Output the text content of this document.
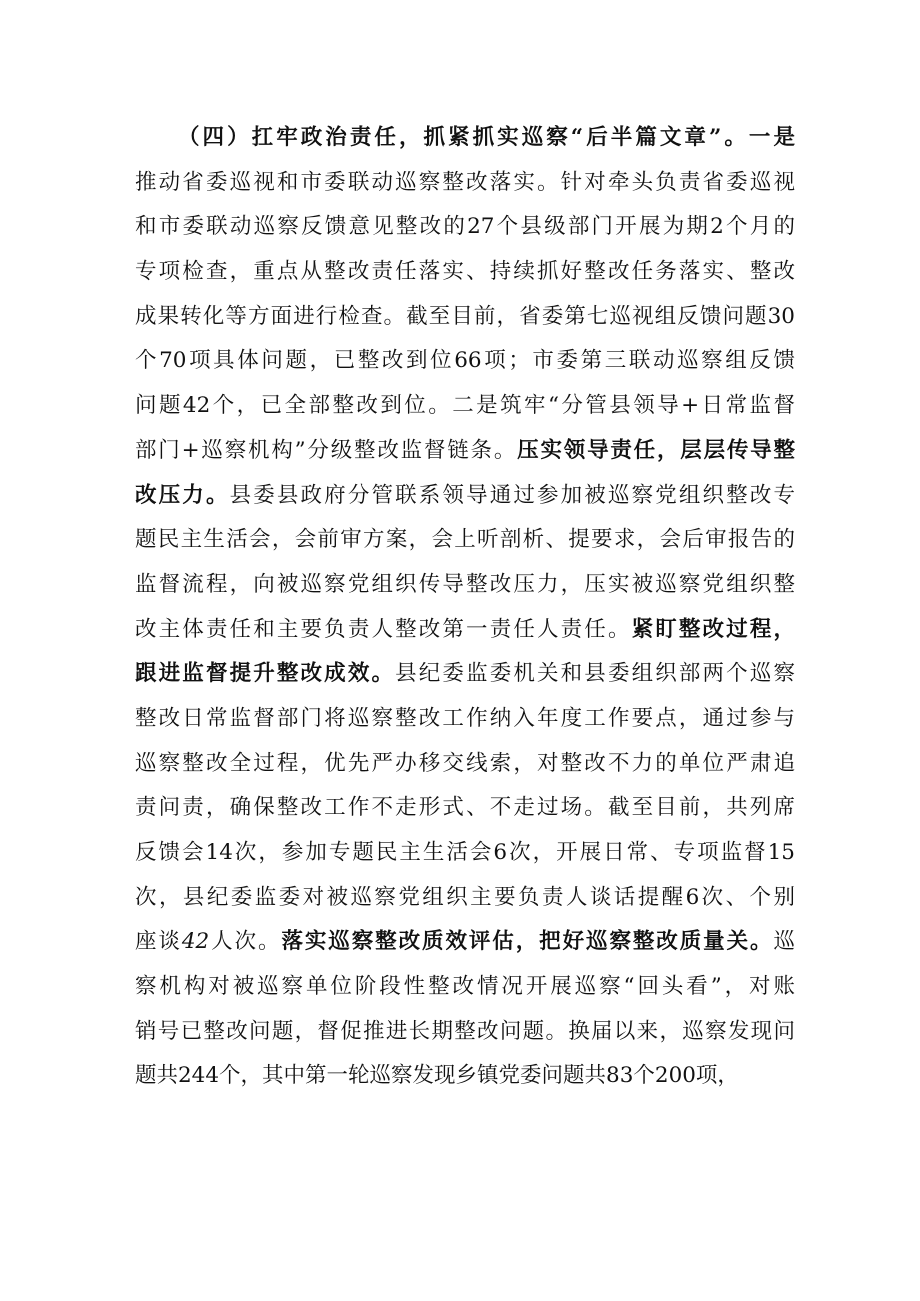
（四）扛牢政治责任，抓紧抓实巡察“后半篇文章”。一是
推动省委巡视和市委联动巡察整改落实。针对牵头负责省委巡视
和市委联动巡察反馈意见整改的27个县级部门开展为期2个月的
专项检查，重点从整改责任落实、持续抓好整改任务落实、整改
成果转化等方面进行检查。截至目前，省委第七巡视组反馈问题30
个70项具体问题，已整改到位66项；市委第三联动巡察组反馈
问题42个，已全部整改到位。二是筑牢“分管县领导+日常监督
部门+巡察机构”分级整改监督链条。压实领导责任，层层传导整
改压力。县委县政府分管联系领导通过参加被巡察党组织整改专
题民主生活会，会前审方案，会上听剖析、提要求，会后审报告的
监督流程，向被巡察党组织传导整改压力，压实被巡察党组织整
改主体责任和主要负责人整改第一责任人责任。紧盯整改过程，
跟进监督提升整改成效。县纪委监委机关和县委组织部两个巡察
整改日常监督部门将巡察整改工作纳入年度工作要点，通过参与
巡察整改全过程，优先严办移交线索，对整改不力的单位严肃追
责问责，确保整改工作不走形式、不走过场。截至目前，共列席
反馈会14次，参加专题民主生活会6次，开展日常、专项监督15
次，县纪委监委对被巡察党组织主要负责人谈话提醒6次、个别
座谈42人次。落实巡察整改质效评估，把好巡察整改质量关。巡
察机构对被巡察单位阶段性整改情况开展巡察“回头看”，对账
销号已整改问题，督促推进长期整改问题。换届以来，巡察发现问
题共244个，其中第一轮巡察发现乡镇党委问题共83个200项，
